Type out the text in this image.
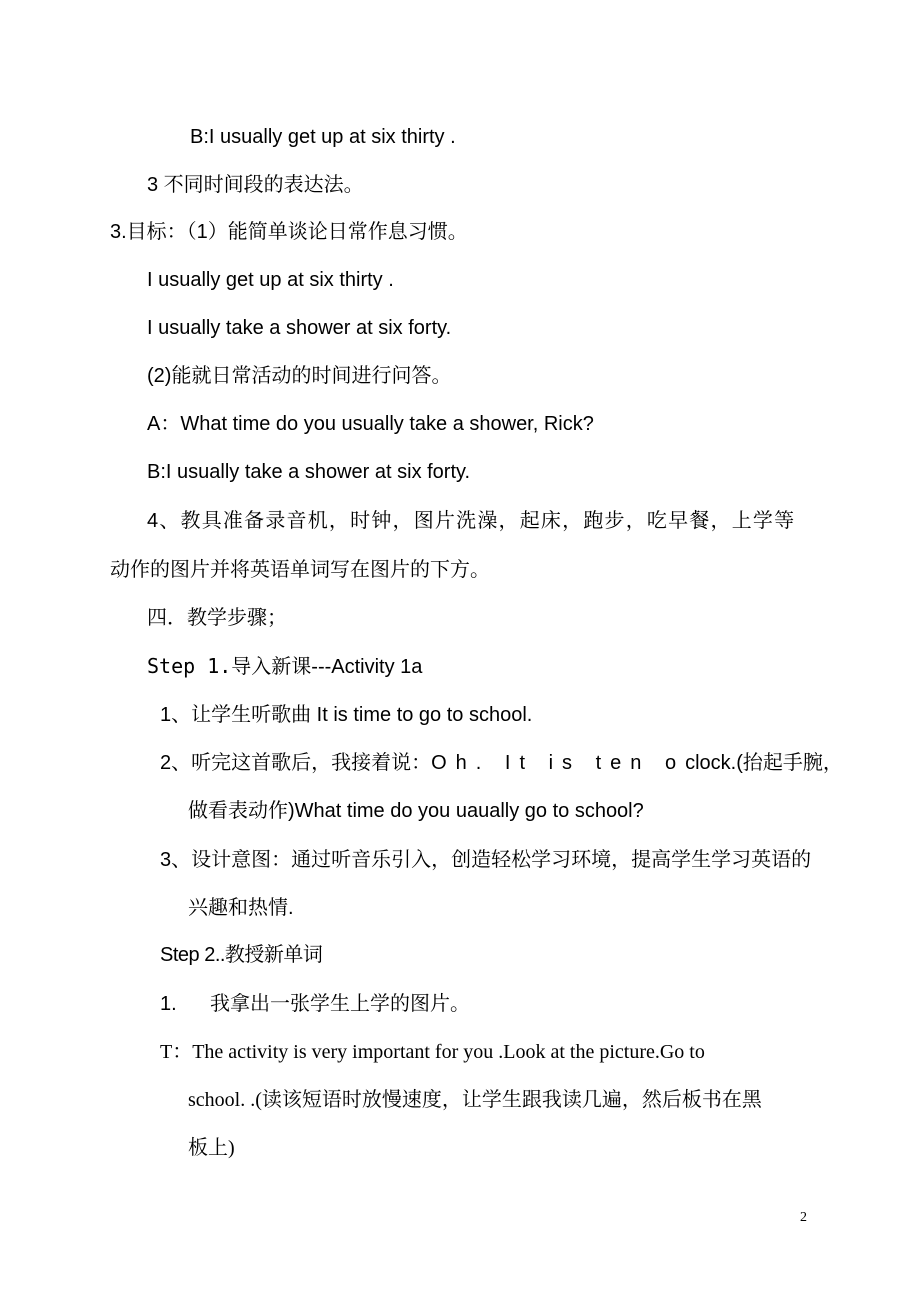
B:I usually get up at six thirty .
3 不同时间段的表达法。
3.目标：（1）能简单谈论日常作息习惯。
I usually get up at six thirty .
I usually take a shower at six forty.
(2)能就日常活动的时间进行问答。
A：What time do you usually take a shower, Rick?
B:I usually take a shower at six forty.
4、教具准备录音机，时钟，图片洗澡，起床，跑步，吃早餐，上学等
动作的图片并将英语单词写在图片的下方。
四．教学步骤；
Step 1.导入新课---Activity 1a
1、让学生听歌曲 It is time to go to school.
2、听完这首歌后，我接着说：Oh. It is ten oclock.(抬起手腕，
做看表动作)What time do you uaually go to school?
3、设计意图：通过听音乐引入，创造轻松学习环境，提高学生学习英语的
兴趣和热情.
Step 2..教授新单词
1. 我拿出一张学生上学的图片。
T：The activity is very important for you .Look at the picture.Go to
school. .(读该短语时放慢速度，让学生跟我读几遍，然后板书在黑
板上)
2
